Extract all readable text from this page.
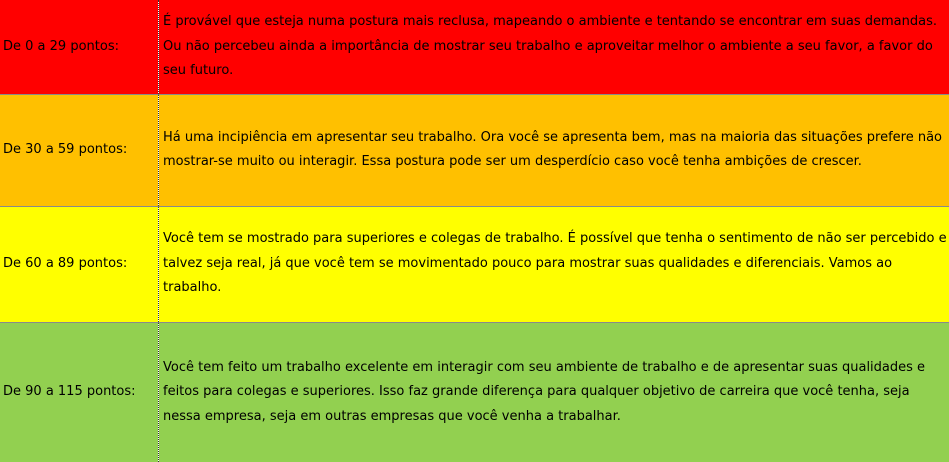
De 0 a 29 pontos:	É provável que esteja numa postura mais reclusa, mapeando o ambiente e tentando se encontrar em suas demandas. Ou não percebeu ainda a importância de mostrar seu trabalho e aproveitar melhor o ambiente a seu favor, a favor do seu futuro.
De 30 a 59 pontos:	Há uma incipiência em apresentar seu trabalho. Ora você se apresenta bem, mas na maioria das situações prefere não mostrar-se muito ou interagir. Essa postura pode ser um desperdício caso você tenha ambições de crescer.
De 60 a 89 pontos:	Você tem se mostrado para superiores e colegas de trabalho. É possível que tenha o sentimento de não ser percebido e talvez seja real, já que você tem se movimentado pouco para mostrar suas qualidades e diferenciais. Vamos ao trabalho.
De 90 a 115 pontos:	Você tem feito um trabalho excelente em interagir com seu ambiente de trabalho e de apresentar suas qualidades e feitos para colegas e superiores. Isso faz grande diferença para qualquer objetivo de carreira que você tenha, seja nessa empresa, seja em outras empresas que você venha a trabalhar.
